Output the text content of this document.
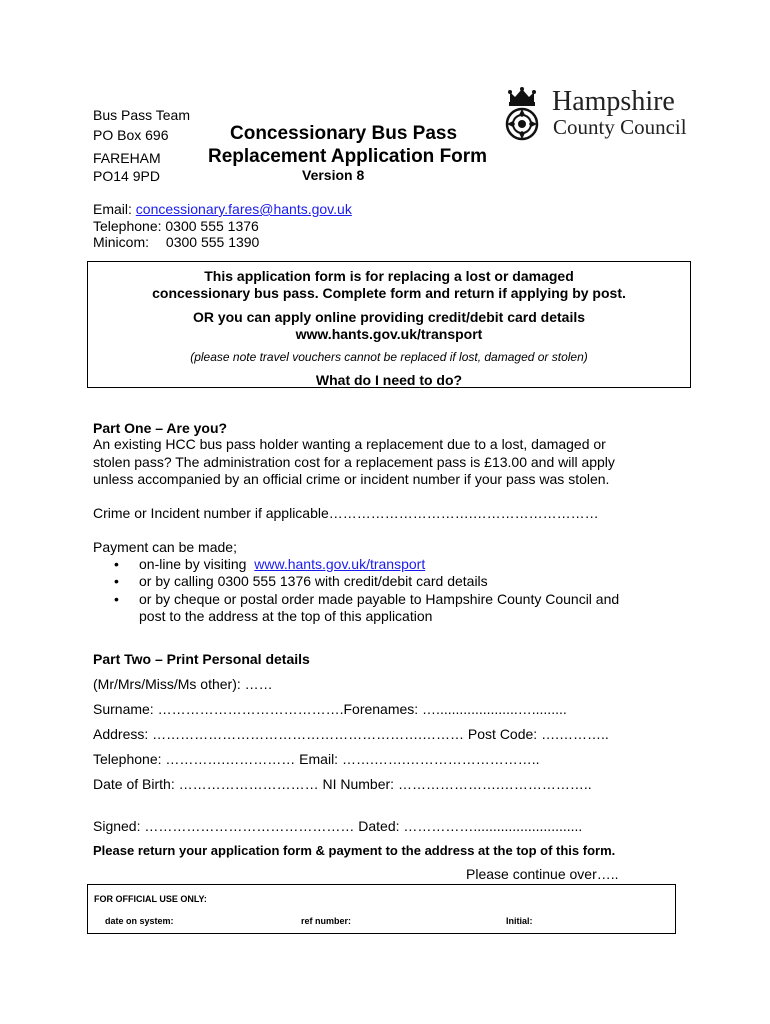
Bus Pass Team
PO Box 696
FAREHAM
PO14 9PD
Concessionary Bus Pass
Replacement Application Form
Version 8
Hampshire
County Council
Email: concessionary.fares@hants.gov.uk
Telephone: 0300 555 1376
Minicom: 0300 555 1390
This application form is for replacing a lost or damaged
concessionary bus pass. Complete form and return if applying by post.
OR you can apply online providing credit/debit card details
www.hants.gov.uk/transport
(please note travel vouchers cannot be replaced if lost, damaged or stolen)
What do I need to do?
Part One – Are you?
An existing HCC bus pass holder wanting a replacement due to a lost, damaged or
stolen pass? The administration cost for a replacement pass is £13.00 and will apply
unless accompanied by an official crime or incident number if your pass was stolen.
Crime or Incident number if applicable………………………….………………………
Payment can be made;
• on-line by visiting www.hants.gov.uk/transport
• or by calling 0300 555 1376 with credit/debit card details
• or by cheque or postal order made payable to Hampshire County Council and
post to the address at the top of this application
Part Two – Print Personal details
(Mr/Mrs/Miss/Ms other): ……
Surname: ………………………………….Forenames: ….....................….........
Address: ………………………………………………….……… Post Code: ….………..
Telephone: ………….…………… Email: …….…….………………………..
Date of Birth: ………………………… NI Number: ………………….………………..
Signed: ……………………………………… Dated: ……………............................
Please return your application form & payment to the address at the top of this form.
Please continue over…..
FOR OFFICIAL USE ONLY:
date on system:	ref number:	Initial:
